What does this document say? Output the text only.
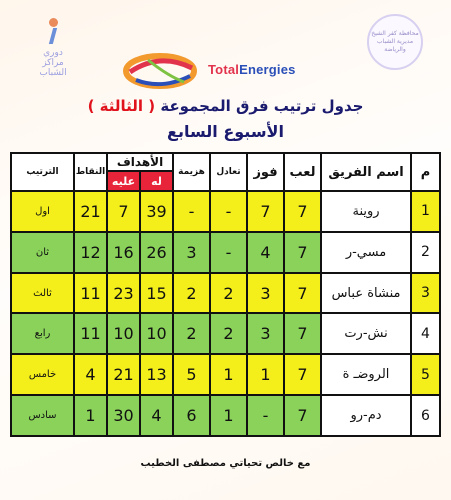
دوري
مراكز
الشباب
محافظة كفر الشيخ
مديرية الشباب والرياضة
TotalEnergies
جدول ترتيب فرق المجموعة ( الثالثة )
الأسبوع السابع
م	اسم الفريق	لعب	فوز	تعادل	هزيمة	الأهداف		النقاط	الترتيب
						له	عليه		
1	روينة	7	7	-	-	39	7	21	اول
2	مسي-ر	7	4	-	3	26	16	12	ثان
3	منشاة عباس	7	3	2	2	15	23	11	ثالث
4	نش-رت	7	3	2	2	10	10	11	رابع
5	الروضـ ة	7	1	1	5	13	21	4	خامس
6	دم-رو	7	-	1	6	4	30	1	سادس
مع خالص تحياتي مصطفى الخطيب
